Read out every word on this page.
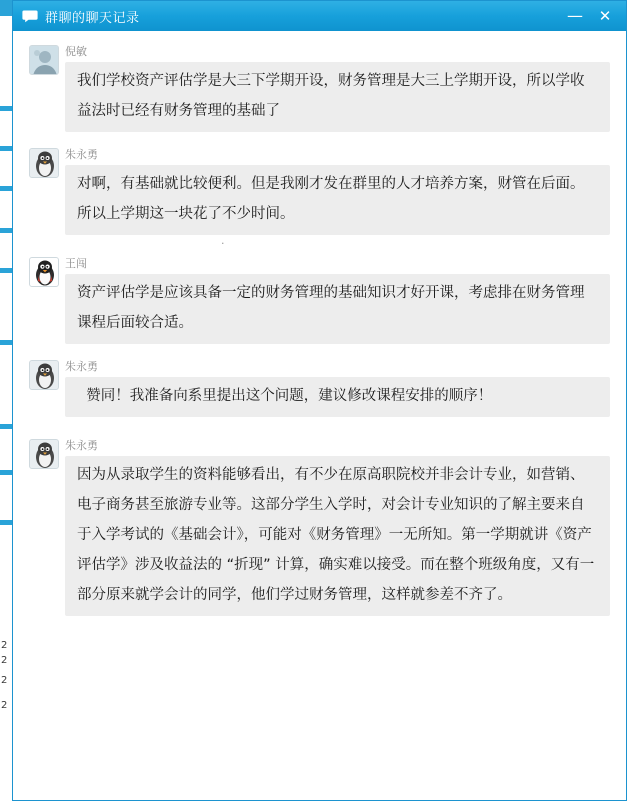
2
2
2
2
群聊的聊天记录	—	✕
倪敏
我们学校资产评估学是大三下学期开设，财务管理是大三上学期开设，所以学收益法时已经有财务管理的基础了
朱永勇
对啊，有基础就比较便利。但是我刚才发在群里的人才培养方案，财管在后面。所以上学期这一块花了不少时间。
.
王闯
资产评估学是应该具备一定的财务管理的基础知识才好开课，考虑排在财务管理课程后面较合适。
朱永勇
赞同！我准备向系里提出这个问题，建议修改课程安排的顺序！
朱永勇
因为从录取学生的资料能够看出，有不少在原高职院校并非会计专业，如营销、电子商务甚至旅游专业等。这部分学生入学时，对会计专业知识的了解主要来自于入学考试的《基础会计》，可能对《财务管理》一无所知。第一学期就讲《资产评估学》涉及收益法的 “折现” 计算，确实难以接受。而在整个班级角度，又有一部分原来就学会计的同学，他们学过财务管理，这样就参差不齐了。
